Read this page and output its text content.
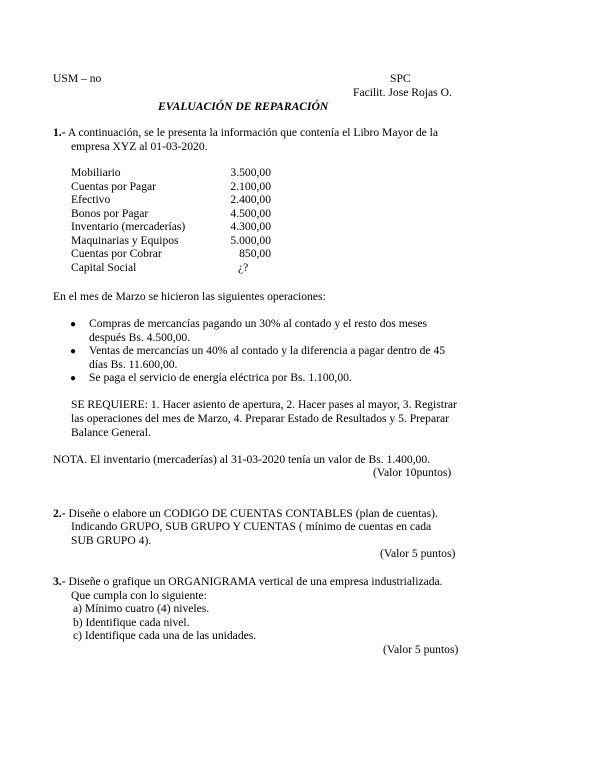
USM – no	SPC
Facilit. Jose Rojas O.
EVALUACIÓN DE REPARACIÓN
1.- A continuación, se le presenta la información que contenía el Libro Mayor de la
empresa XYZ al 01-03-2020.
Mobiliario	3.500,00
Cuentas por Pagar	2.100,00
Efectivo	2.400,00
Bonos por Pagar	4.500,00
Inventario (mercaderías)	4.300,00
Maquinarias y Equipos	5.000,00
Cuentas por Cobrar	850,00
Capital Social	¿?
En el mes de Marzo se hicieron las siguientes operaciones:
● Compras de mercancías pagando un 30% al contado y el resto dos meses
después Bs. 4.500,00.
● Ventas de mercancías un 40% al contado y la diferencia a pagar dentro de 45
días Bs. 11.600,00.
● Se paga el servicio de energía eléctrica por Bs. 1.100,00.
SE REQUIERE: 1. Hacer asiento de apertura, 2. Hacer pases al mayor, 3. Registrar
las operaciones del mes de Marzo, 4. Preparar Estado de Resultados y 5. Preparar
Balance General.
NOTA. El inventario (mercaderías) al 31-03-2020 tenía un valor de Bs. 1.400,00.
(Valor 10puntos)
2.- Diseñe o elabore un CODIGO DE CUENTAS CONTABLES (plan de cuentas).
Indicando GRUPO, SUB GRUPO Y CUENTAS ( mínimo de cuentas en cada
SUB GRUPO 4).
(Valor 5 puntos)
3.- Diseñe o grafique un ORGANIGRAMA vertical de una empresa industrializada.
Que cumpla con lo siguiente:
a) Mínimo cuatro (4) niveles.
b) Identifique cada nivel.
c) Identifique cada una de las unidades.
(Valor 5 puntos)
